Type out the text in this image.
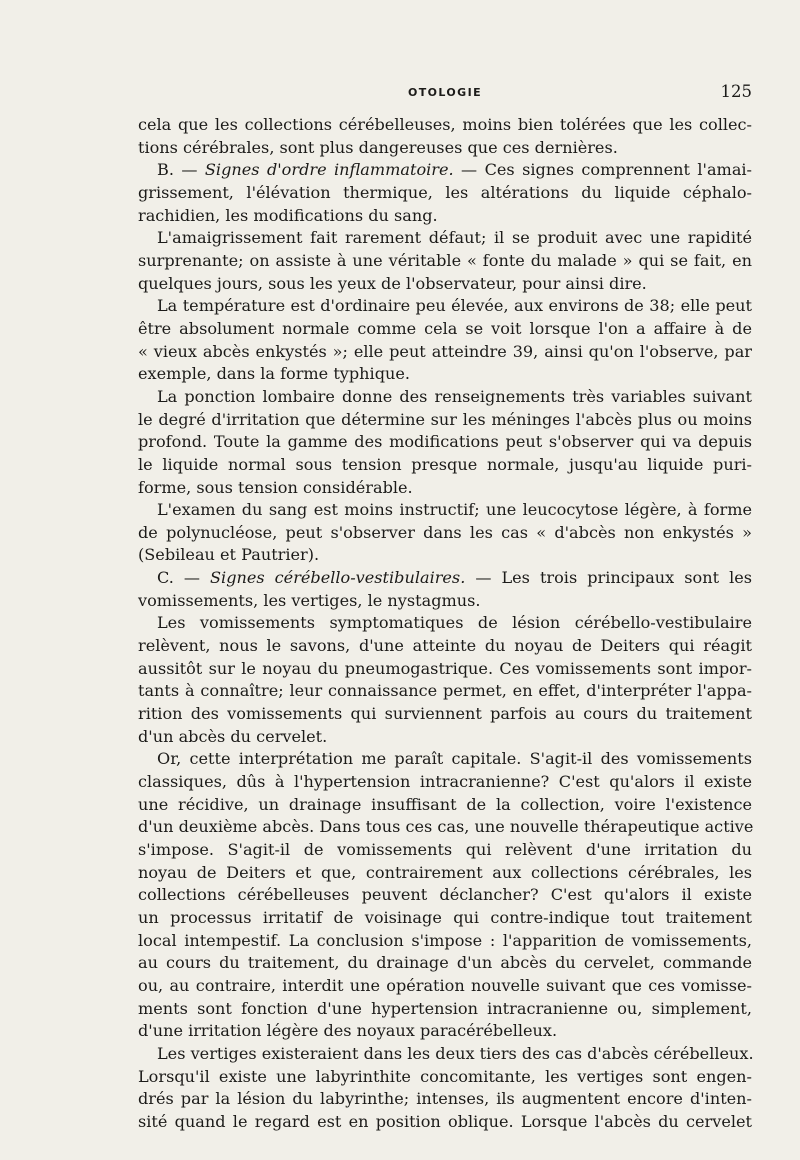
OTOLOGIE	125
cela que les collections cérébelleuses, moins bien tolérées que les collec-
tions cérébrales, sont plus dangereuses que ces dernières.
B. — Signes d'ordre inflammatoire. — Ces signes comprennent l'amai-
grissement, l'élévation thermique, les altérations du liquide céphalo-
rachidien, les modifications du sang.
L'amaigrissement fait rarement défaut; il se produit avec une rapidité
surprenante; on assiste à une véritable « fonte du malade » qui se fait, en
quelques jours, sous les yeux de l'observateur, pour ainsi dire.
La température est d'ordinaire peu élevée, aux environs de 38; elle peut
être absolument normale comme cela se voit lorsque l'on a affaire à de
« vieux abcès enkystés »; elle peut atteindre 39, ainsi qu'on l'observe, par
exemple, dans la forme typhique.
La ponction lombaire donne des renseignements très variables suivant
le degré d'irritation que détermine sur les méninges l'abcès plus ou moins
profond. Toute la gamme des modifications peut s'observer qui va depuis
le liquide normal sous tension presque normale, jusqu'au liquide puri-
forme, sous tension considérable.
L'examen du sang est moins instructif; une leucocytose légère, à forme
de polynucléose, peut s'observer dans les cas « d'abcès non enkystés »
(Sebileau et Pautrier).
C. — Signes cérébello-vestibulaires. — Les trois principaux sont les
vomissements, les vertiges, le nystagmus.
Les vomissements symptomatiques de lésion cérébello-vestibulaire
relèvent, nous le savons, d'une atteinte du noyau de Deiters qui réagit
aussitôt sur le noyau du pneumogastrique. Ces vomissements sont impor-
tants à connaître; leur connaissance permet, en effet, d'interpréter l'appa-
rition des vomissements qui surviennent parfois au cours du traitement
d'un abcès du cervelet.
Or, cette interprétation me paraît capitale. S'agit-il des vomissements
classiques, dûs à l'hypertension intracranienne? C'est qu'alors il existe
une récidive, un drainage insuffisant de la collection, voire l'existence
d'un deuxième abcès. Dans tous ces cas, une nouvelle thérapeutique active
s'impose. S'agit-il de vomissements qui relèvent d'une irritation du
noyau de Deiters et que, contrairement aux collections cérébrales, les
collections cérébelleuses peuvent déclancher? C'est qu'alors il existe
un processus irritatif de voisinage qui contre-indique tout traitement
local intempestif. La conclusion s'impose : l'apparition de vomissements,
au cours du traitement, du drainage d'un abcès du cervelet, commande
ou, au contraire, interdit une opération nouvelle suivant que ces vomisse-
ments sont fonction d'une hypertension intracranienne ou, simplement,
d'une irritation légère des noyaux paracérébelleux.
Les vertiges existeraient dans les deux tiers des cas d'abcès cérébelleux.
Lorsqu'il existe une labyrinthite concomitante, les vertiges sont engen-
drés par la lésion du labyrinthe; intenses, ils augmentent encore d'inten-
sité quand le regard est en position oblique. Lorsque l'abcès du cervelet
